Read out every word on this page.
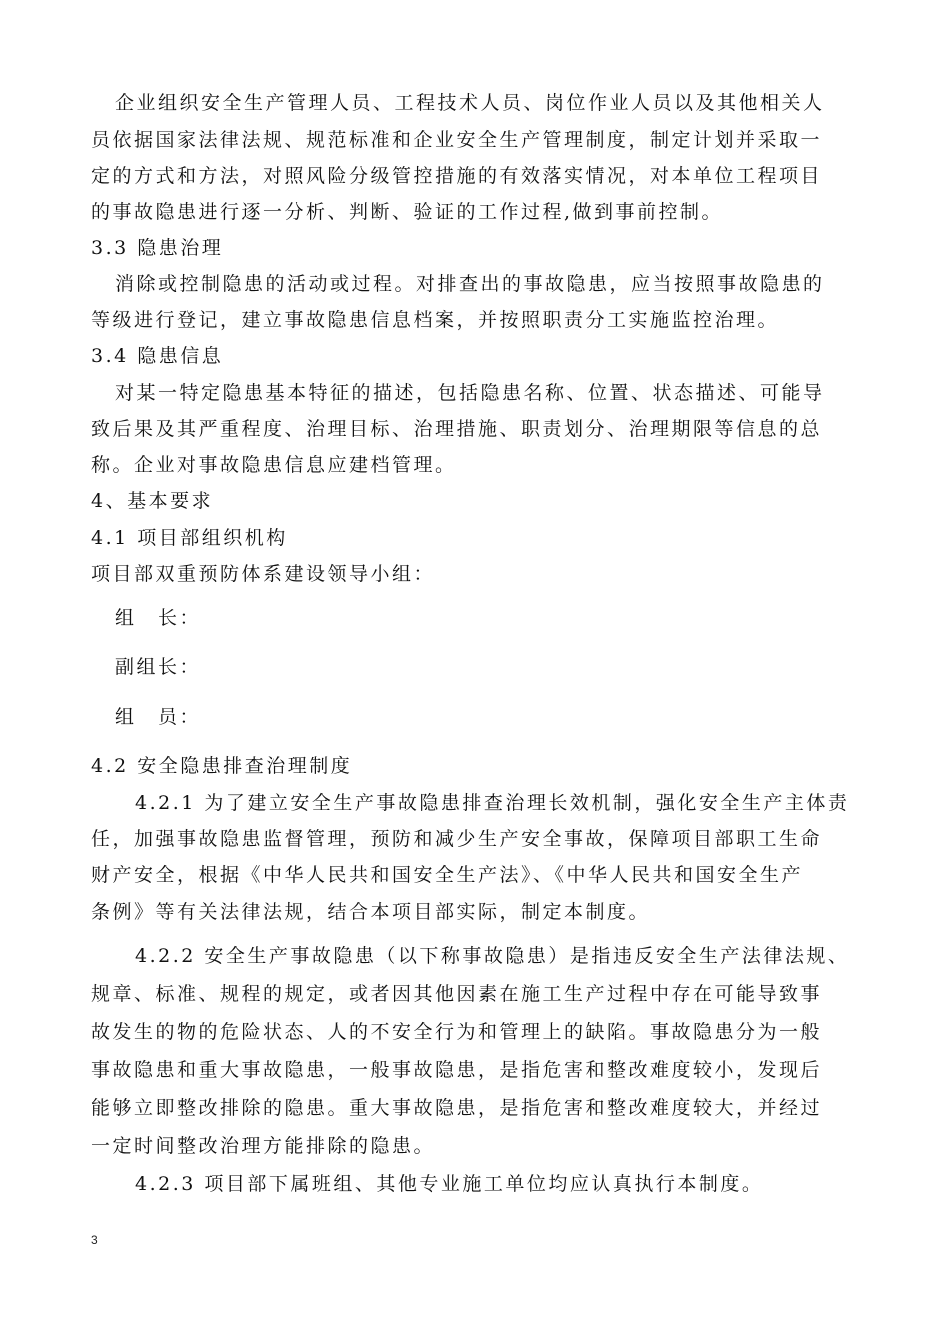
企业组织安全生产管理人员、工程技术人员、岗位作业人员以及其他相关人
员依据国家法律法规、规范标准和企业安全生产管理制度，制定计划并采取一
定的方式和方法，对照风险分级管控措施的有效落实情况，对本单位工程项目
的事故隐患进行逐一分析、判断、验证的工作过程,做到事前控制。
3.3 隐患治理
消除或控制隐患的活动或过程。对排查出的事故隐患，应当按照事故隐患的
等级进行登记，建立事故隐患信息档案，并按照职责分工实施监控治理。
3.4 隐患信息
对某一特定隐患基本特征的描述，包括隐患名称、位置、状态描述、可能导
致后果及其严重程度、治理目标、治理措施、职责划分、治理期限等信息的总
称。企业对事故隐患信息应建档管理。
4、基本要求
4.1 项目部组织机构
项目部双重预防体系建设领导小组：
组　长：
副组长：
组　员：
4.2 安全隐患排查治理制度
4.2.1 为了建立安全生产事故隐患排查治理长效机制，强化安全生产主体责
任，加强事故隐患监督管理，预防和减少生产安全事故，保障项目部职工生命
财产安全，根据《中华人民共和国安全生产法》、《中华人民共和国安全生产
条例》等有关法律法规，结合本项目部实际，制定本制度。
4.2.2 安全生产事故隐患（以下称事故隐患）是指违反安全生产法律法规、
规章、标准、规程的规定，或者因其他因素在施工生产过程中存在可能导致事
故发生的物的危险状态、人的不安全行为和管理上的缺陷。事故隐患分为一般
事故隐患和重大事故隐患，一般事故隐患，是指危害和整改难度较小，发现后
能够立即整改排除的隐患。重大事故隐患，是指危害和整改难度较大，并经过
一定时间整改治理方能排除的隐患。
4.2.3 项目部下属班组、其他专业施工单位均应认真执行本制度。
3
